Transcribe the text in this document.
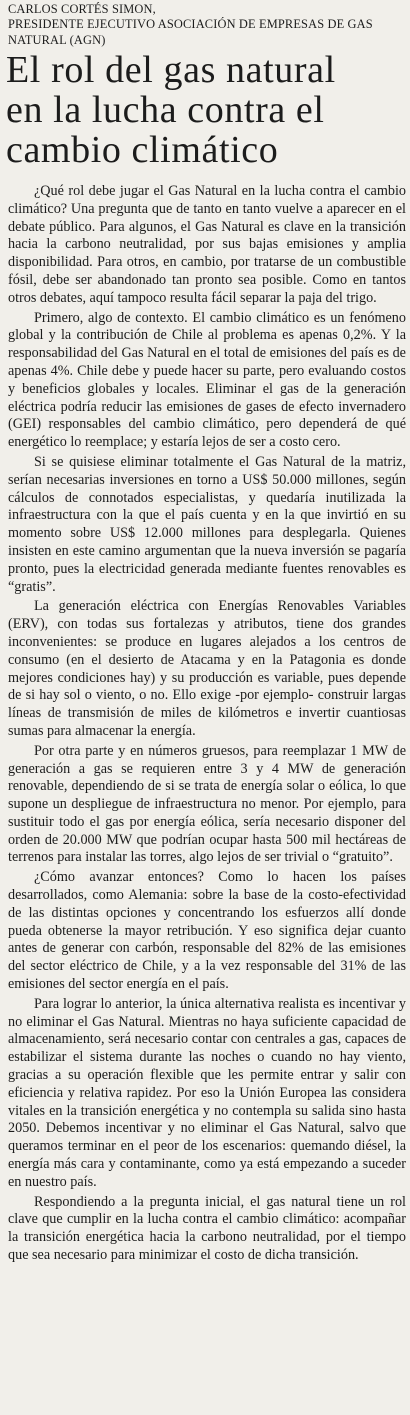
CARLOS CORTÉS SIMON,
PRESIDENTE EJECUTIVO ASOCIACIÓN DE EMPRESAS DE GAS
NATURAL (AGN)
El rol del gas natural
en la lucha contra el
cambio climático

¿Qué rol debe jugar el Gas Natural en la lucha contra el cambio climático? Una pregunta que de tanto en tanto vuelve a aparecer en el debate público. Para algunos, el Gas Natural es clave en la transición hacia la carbono neutralidad, por sus bajas emisiones y amplia disponibilidad. Para otros, en cambio, por tratarse de un combustible fósil, debe ser abandonado tan pronto sea posible. Como en tantos otros debates, aquí tampoco resulta fácil separar la paja del trigo.

Primero, algo de contexto. El cambio climático es un fenómeno global y la contribución de Chile al problema es apenas 0,2%. Y la responsabilidad del Gas Natural en el total de emisiones del país es de apenas 4%. Chile debe y puede hacer su parte, pero evaluando costos y beneficios globales y locales. Eliminar el gas de la generación eléctrica podría reducir las emisiones de gases de efecto invernadero (GEI) responsables del cambio climático, pero dependerá de qué energético lo reemplace; y estaría lejos de ser a costo cero.

Si se quisiese eliminar totalmente el Gas Natural de la matriz, serían necesarias inversiones en torno a US$ 50.000 millones, según cálculos de connotados especialistas, y quedaría inutilizada la infraestructura con la que el país cuenta y en la que invirtió en su momento sobre US$ 12.000 millones para desplegarla. Quienes insisten en este camino argumentan que la nueva inversión se pagaría pronto, pues la electricidad generada mediante fuentes renovables es “gratis”.

La generación eléctrica con Energías Renovables Variables (ERV), con todas sus fortalezas y atributos, tiene dos grandes inconvenientes: se produce en lugares alejados a los centros de consumo (en el desierto de Atacama y en la Patagonia es donde mejores condiciones hay) y su producción es variable, pues depende de si hay sol o viento, o no. Ello exige -por ejemplo- construir largas líneas de transmisión de miles de kilómetros e invertir cuantiosas sumas para almacenar la energía.

Por otra parte y en números gruesos, para reemplazar 1 MW de generación a gas se requieren entre 3 y 4 MW de generación renovable, dependiendo de si se trata de energía solar o eólica, lo que supone un despliegue de infraestructura no menor. Por ejemplo, para sustituir todo el gas por energía eólica, sería necesario disponer del orden de 20.000 MW que podrían ocupar hasta 500 mil hectáreas de terrenos para instalar las torres, algo lejos de ser trivial o “gratuito”.

¿Cómo avanzar entonces? Como lo hacen los países desarrollados, como Alemania: sobre la base de la costo-efectividad de las distintas opciones y concentrando los esfuerzos allí donde pueda obtenerse la mayor retribución. Y eso significa dejar cuanto antes de generar con carbón, responsable del 82% de las emisiones del sector eléctrico de Chile, y a la vez responsable del 31% de las emisiones del sector energía en el país.

Para lograr lo anterior, la única alternativa realista es incentivar y no eliminar el Gas Natural. Mientras no haya suficiente capacidad de almacenamiento, será necesario contar con centrales a gas, capaces de estabilizar el sistema durante las noches o cuando no hay viento, gracias a su operación flexible que les permite entrar y salir con eficiencia y relativa rapidez. Por eso la Unión Europea las considera vitales en la transición energética y no contempla su salida sino hasta 2050. Debemos incentivar y no eliminar el Gas Natural, salvo que queramos terminar en el peor de los escenarios: quemando diésel, la energía más cara y contaminante, como ya está empezando a suceder en nuestro país.

Respondiendo a la pregunta inicial, el gas natural tiene un rol clave que cumplir en la lucha contra el cambio climático: acompañar la transición energética hacia la carbono neutralidad, por el tiempo que sea necesario para minimizar el costo de dicha transición.
